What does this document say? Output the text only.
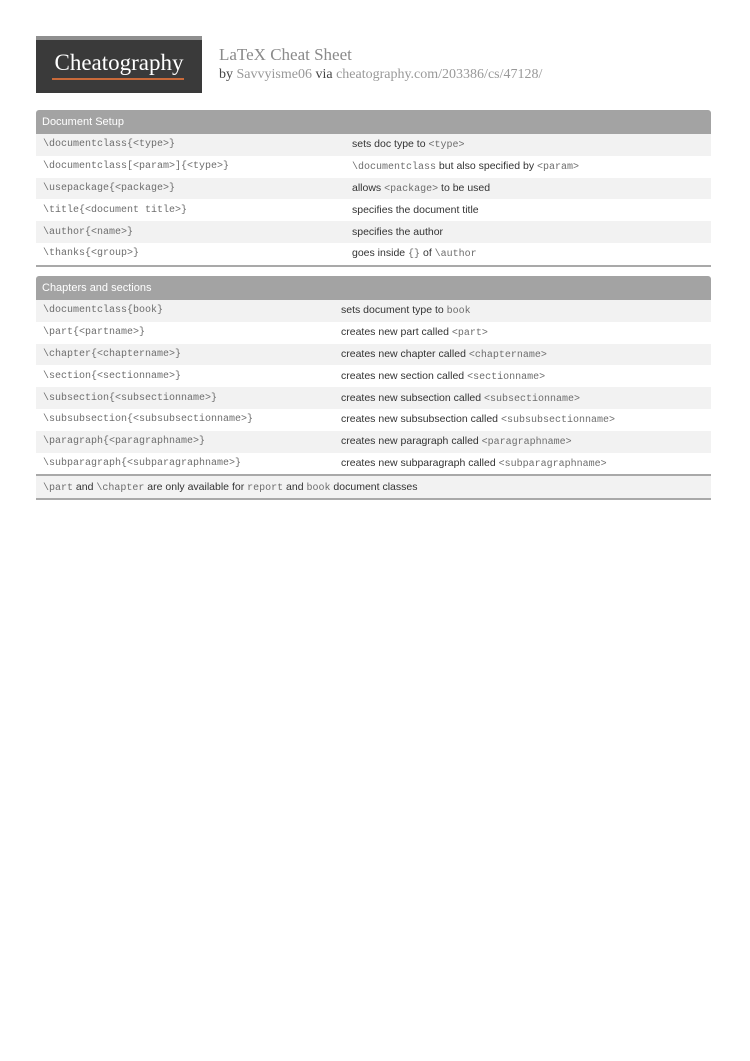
Cheatography	LaTeX Cheat Sheet
by Savvyisme06 via cheatography.com/203386/cs/47128/
Document Setup
\documentclass{<type>}	sets doc type to <type>
\documentclass[<param>]{<type>}	\documentclass but also specified by <param>
\usepackage{<package>}	allows <package> to be used
\title{<document title>}	specifies the document title
\author{<name>}	specifies the author
\thanks{<group>}	goes inside {} of \author
Chapters and sections
\documentclass{book}	sets document type to book
\part{<partname>}	creates new part called <part>
\chapter{<chaptername>}	creates new chapter called <chaptername>
\section{<sectionname>}	creates new section called <sectionname>
\subsection{<subsectionname>}	creates new subsection called <subsectionname>
\subsubsection{<subsubsectionname>}	creates new subsubsection called <subsubsectionname>
\paragraph{<paragraphname>}	creates new paragraph called <paragraphname>
\subparagraph{<subparagraphname>}	creates new subparagraph called <subparagraphname>
\part and \chapter are only available for report and book document classes
